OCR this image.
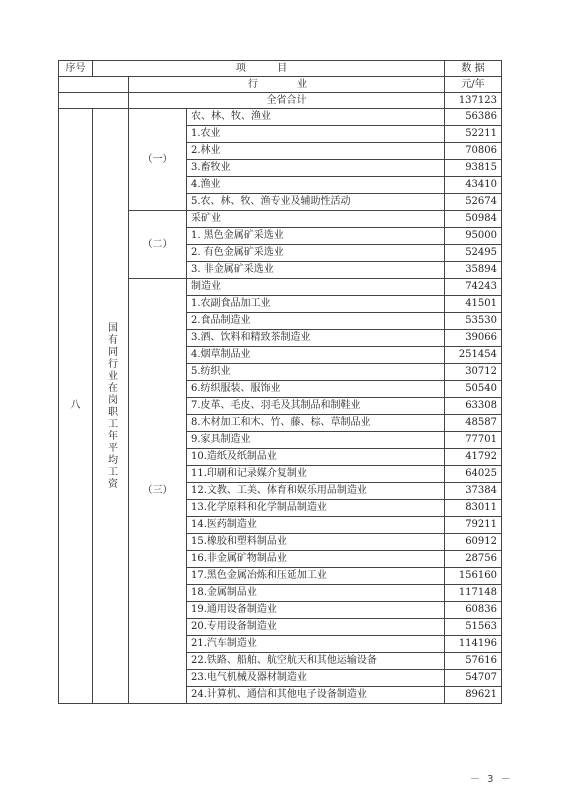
序号	项 目			数 据
		行 业		元/年
		全省合计		137123
八	国有同行业在岗职工年平均工资	（一）	农、林、牧、渔业	56386
			1.农业	52211
			2.林业	70806
			3.畜牧业	93815
			4.渔业	43410
			5.农、林、牧、渔专业及辅助性活动	52674
		（二）	采矿业	50984
			1. 黑色金属矿采选业	95000
			2. 有色金属矿采选业	52495
			3. 非金属矿采选业	35894
		（三）	制造业	74243
			1.农副食品加工业	41501
			2.食品制造业	53530
			3.酒、饮料和精致茶制造业	39066
			4.烟草制品业	251454
			5.纺织业	30712
			6.纺织服装、服饰业	50540
			7.皮革、毛皮、羽毛及其制品和制鞋业	63308
			8.木材加工和木、竹、藤、棕、草制品业	48587
			9.家具制造业	77701
			10.造纸及纸制品业	41792
			11.印刷和记录媒介复制业	64025
			12.文教、工美、体育和娱乐用品制造业	37384
			13.化学原料和化学制品制造业	83011
			14.医药制造业	79211
			15.橡胶和塑料制品业	60912
			16.非金属矿物制品业	28756
			17.黑色金属冶炼和压延加工业	156160
			18.金属制品业	117148
			19.通用设备制造业	60836
			20.专用设备制造业	51563
			21.汽车制造业	114196
			22.铁路、船舶、航空航天和其他运输设备	57616
			23.电气机械及器材制造业	54707
			24.计算机、通信和其他电子设备制造业	89621
－ 3 －
